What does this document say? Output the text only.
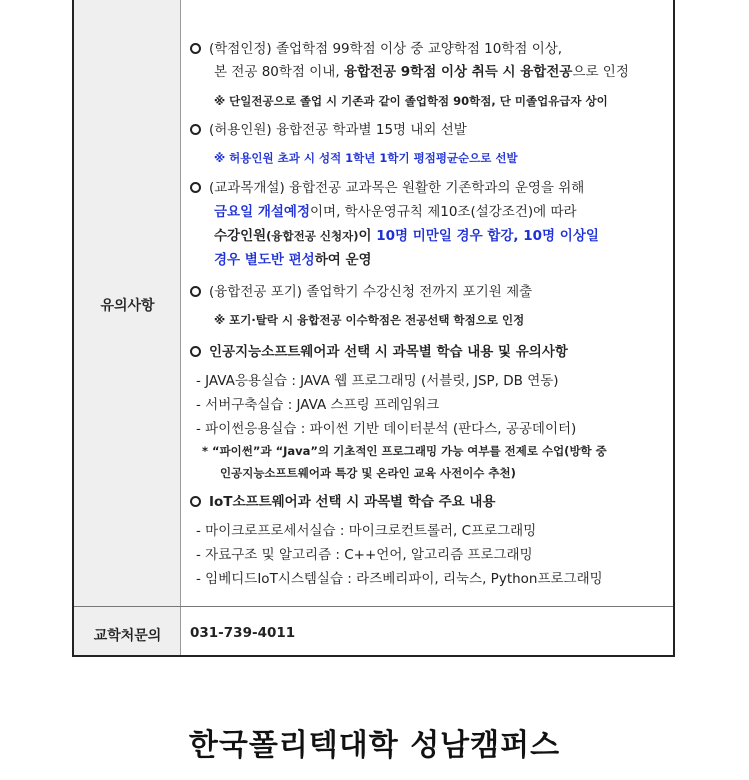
유의사항
교학처문의
(학점인정) 졸업학점 99학점 이상 중 교양학점 10학점 이상,
본 전공 80학점 이내, 융합전공 9학점 이상 취득 시 융합전공으로 인정
※ 단일전공으로 졸업 시 기존과 같이 졸업학점 90학점, 단 미졸업유급자 상이
(허용인원) 융합전공 학과별 15명 내외 선발
※ 허용인원 초과 시 성적 1학년 1학기 평점평균순으로 선발
(교과목개설) 융합전공 교과목은 원활한 기존학과의 운영을 위해
금요일 개설예정이며, 학사운영규칙 제10조(설강조건)에 따라
수강인원(융합전공 신청자)이 10명 미만일 경우 합강, 10명 이상일
경우 별도반 편성하여 운영
(융합전공 포기) 졸업학기 수강신청 전까지 포기원 제출
※ 포기·탈락 시 융합전공 이수학점은 전공선택 학점으로 인정
인공지능소프트웨어과 선택 시 과목별 학습 내용 및 유의사항
- JAVA응용실습 : JAVA 웹 프로그래밍 (서블릿, JSP, DB 연동)
- 서버구축실습 : JAVA 스프링 프레임워크
- 파이썬응용실습 : 파이썬 기반 데이터분석 (판다스, 공공데이터)
* “파이썬”과 “Java”의 기초적인 프로그래밍 가능 여부를 전제로 수업(방학 중
인공지능소프트웨어과 특강 및 온라인 교육 사전이수 추천)
IoT소프트웨어과 선택 시 과목별 학습 주요 내용
- 마이크로프로세서실습 : 마이크로컨트롤러, C프로그래밍
- 자료구조 및 알고리즘 : C++언어, 알고리즘 프로그래밍
- 임베디드IoT시스템실습 : 라즈베리파이, 리눅스, Python프로그래밍
031-739-4011
한국폴리텍대학 성남캠퍼스
